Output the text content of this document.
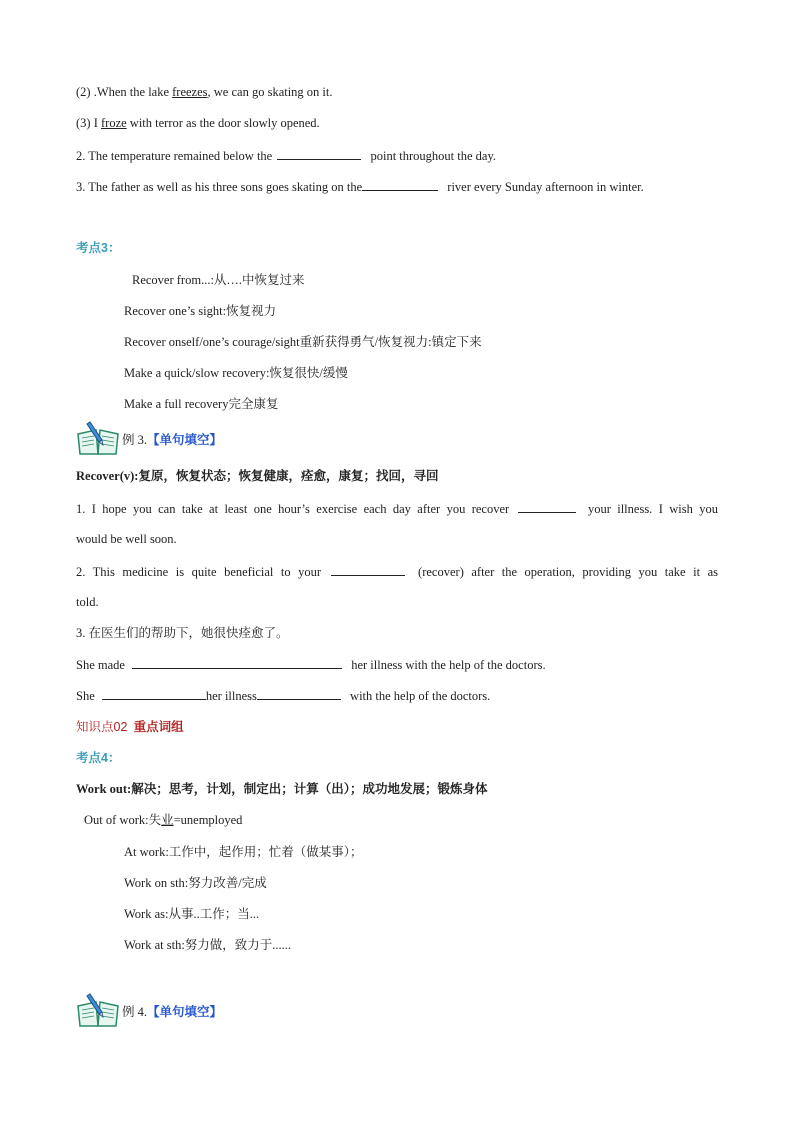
(2) .When the lake freezes, we can go skating on it.
(3) I froze with terror as the door slowly opened.
2. The temperature remained below the	point throughout the day.
3. The father as well as his three sons goes skating on the	river every Sunday afternoon in winter.
考点3：
Recover from...:从….中恢复过来
Recover one’s sight:恢复视力
Recover onself/one’s courage/sight重新获得勇气/恢复视力:镇定下来
Make a quick/slow recovery:恢复很快/缓慢
Make a full recovery完全康复
例 3.【单句填空】
Recover(v):复原，恢复状态；恢复健康，痊愈，康复；找回，寻回
1. I hope you can take at least one hour’s exercise each day after you recover	your illness. I wish you
would be well soon.
2. This medicine is quite beneficial to your	(recover) after the operation, providing you take it as
told.
3. 在医生们的帮助下，她很快痊愈了。
She made	her illness with the help of the doctors.
She	her illness	with the help of the doctors.
知识点02 重点词组
考点4：
Work out:解决；思考，计划，制定出；计算（出）；成功地发展；锻炼身体
Out of work:失业=unemployed
At work:工作中，起作用；忙着（做某事）；
Work on sth:努力改善/完成
Work as:从事..工作；当...
Work at sth:努力做，致力于......
例 4.【单句填空】
